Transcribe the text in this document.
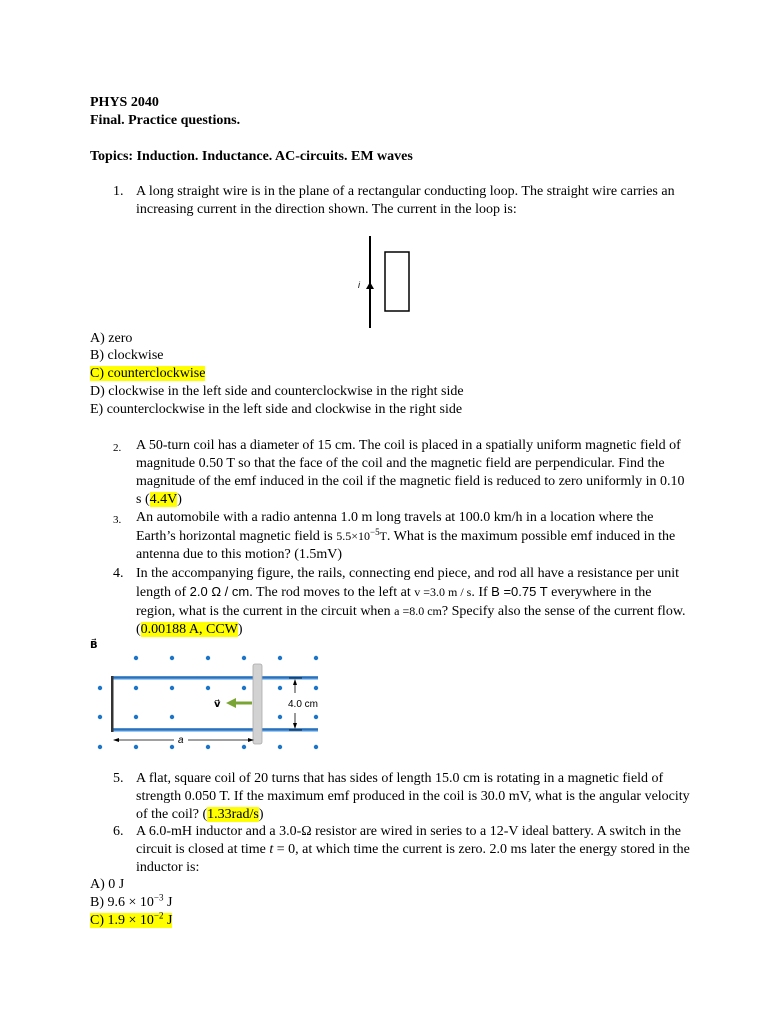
PHYS 2040
Final. Practice questions.
Topics: Induction. Inductance. AC-circuits. EM waves
1. A long straight wire is in the plane of a rectangular conducting loop. The straight wire carries an increasing current in the direction shown. The current in the loop is:
i
A) zero
B) clockwise
C) counterclockwise
D) clockwise in the left side and counterclockwise in the right side
E) counterclockwise in the left side and clockwise in the right side
2. A 50-turn coil has a diameter of 15 cm. The coil is placed in a spatially uniform magnetic field of magnitude 0.50 T so that the face of the coil and the magnetic field are perpendicular. Find the magnitude of the emf induced in the coil if the magnetic field is reduced to zero uniformly in 0.10 s (4.4V)
3. An automobile with a radio antenna 1.0 m long travels at 100.0 km/h in a location where the Earth’s horizontal magnetic field is $5.5\times 10^{-5}T$. What is the maximum possible emf induced in the antenna due to this motion? (1.5mV)
4. In the accompanying figure, the rails, connecting end piece, and rod all have a resistance per unit length of 2.0 Ω / cm. The rod moves to the left at v =3.0 m / s. If B =0.75 T everywhere in the region, what is the current in the circuit when a =8.0 cm? Specify also the sense of the current flow. (0.00188 A, CCW)
B⃗
v⃗	4.0 cm
a
5. A flat, square coil of 20 turns that has sides of length 15.0 cm is rotating in a magnetic field of strength 0.050 T. If the maximum emf produced in the coil is 30.0 mV, what is the angular velocity of the coil? (1.33rad/s)
6. A 6.0-mH inductor and a 3.0-Ω resistor are wired in series to a 12-V ideal battery. A switch in the circuit is closed at time t = 0, at which time the current is zero. 2.0 ms later the energy stored in the inductor is:
A) 0 J
B) $9.6 \times 10^{-3}$ J
C) $1.9 \times 10^{-2}$ J
